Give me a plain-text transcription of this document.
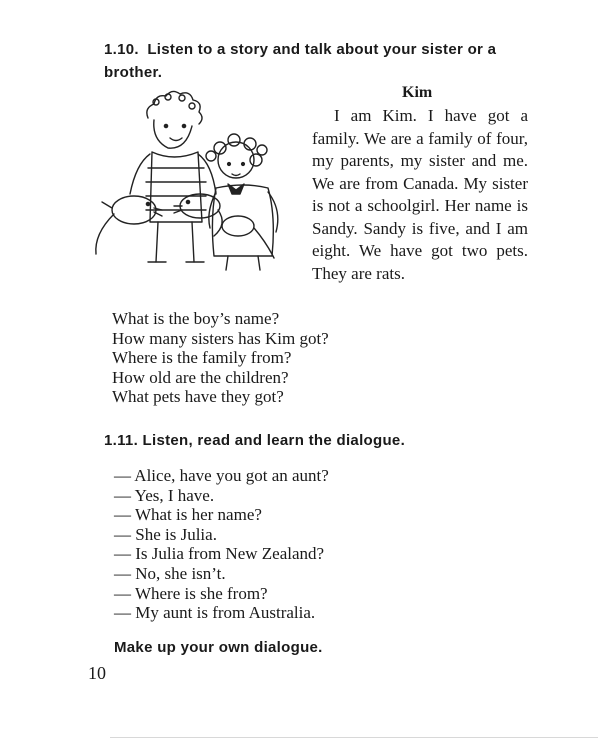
1.10. Listen to a story and talk about your sister or a brother.
Kim

I am Kim. I have got a family. We are a family of four, my parents, my sister and me. We are from Canada. My sister is not a schoolgirl. Her name is Sandy. Sandy is five, and I am eight. We have got two pets. They are rats.

What is the boy’s name?
How many sisters has Kim got?
Where is the family from?
How old are the children?
What pets have they got?
1.11. Listen, read and learn the dialogue.
— Alice, have you got an aunt?
— Yes, I have.
— What is her name?
— She is Julia.
— Is Julia from New Zealand?
— No, she isn’t.
— Where is she from?
— My aunt is from Australia.
Make up your own dialogue.
10
